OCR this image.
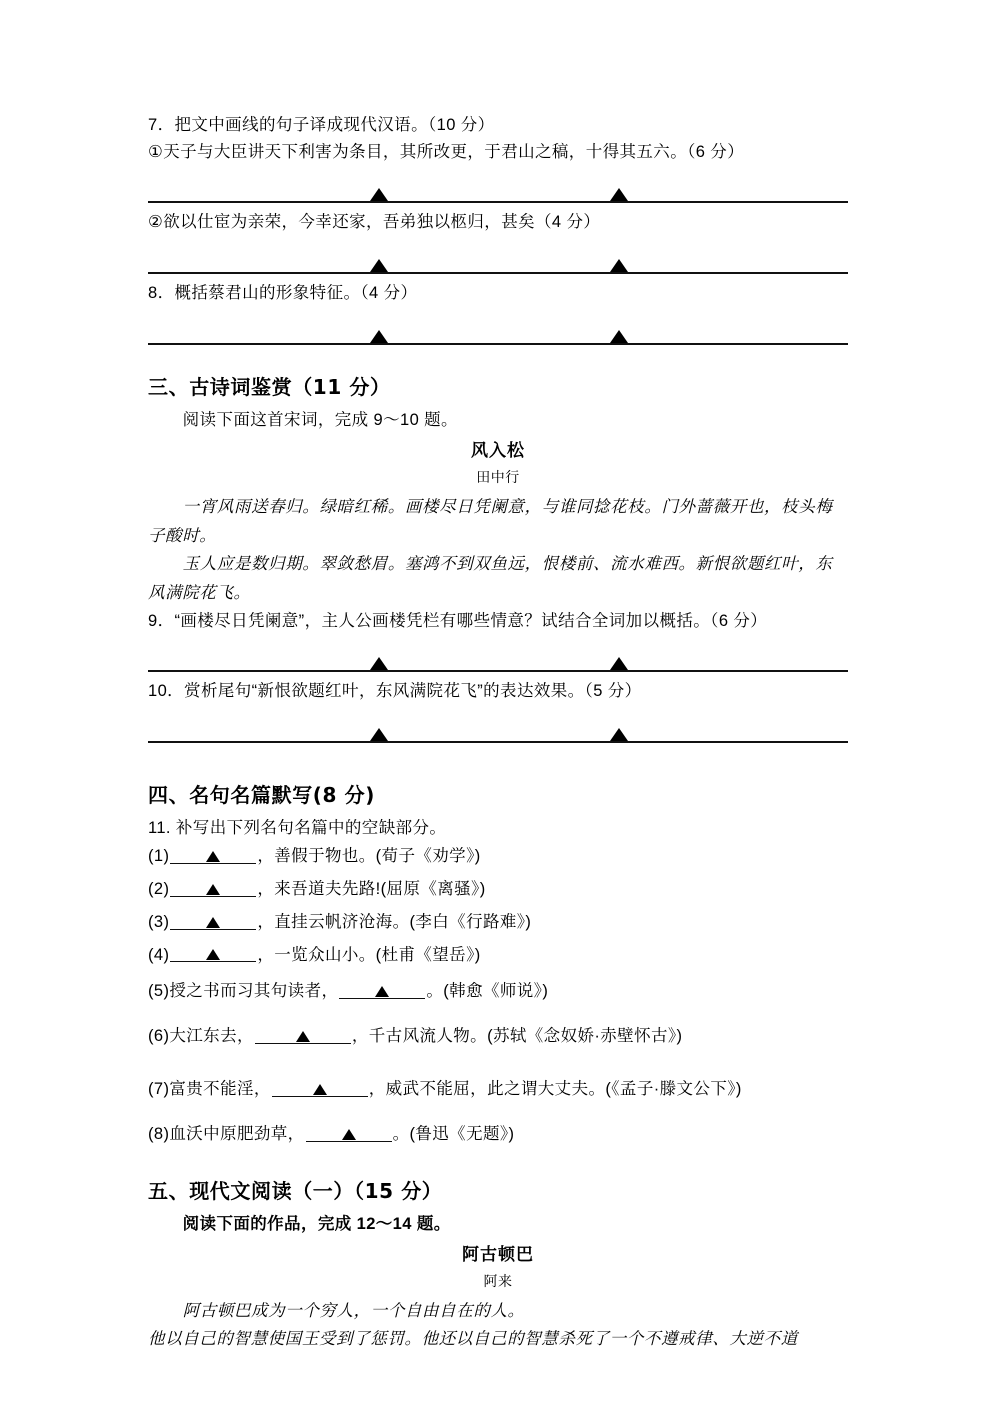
7．把文中画线的句子译成现代汉语。（10 分）
①天子与大臣讲天下利害为条目，其所改更，于君山之稿，十得其五六。（6 分）
②欲以仕宦为亲荣，今幸还家，吾弟独以柩归，甚矣（4 分）
8．概括蔡君山的形象特征。（4 分）
三、古诗词鉴赏（11 分）
阅读下面这首宋词，完成 9～10 题。
风入松
田中行
一宵风雨送春归。绿暗红稀。画楼尽日凭阑意，与谁同捻花枝。门外蔷薇开也，枝头梅子酸时。
玉人应是数归期。翠敛愁眉。塞鸿不到双鱼远，恨楼前、流水难西。新恨欲题红叶，东风满院花飞。
9．“画楼尽日凭阑意”，主人公画楼凭栏有哪些情意？试结合全词加以概括。（6 分）
10．赏析尾句“新恨欲题红叶，东风满院花飞”的表达效果。（5 分）
四、名句名篇默写(8 分)
11. 补写出下列名句名篇中的空缺部分。
(1)	，善假于物也。(荀子《劝学》)
(2)	，来吾道夫先路!(屈原《离骚》)
(3)	，直挂云帆济沧海。(李白《行路难》)
(4)	，一览众山小。(杜甫《望岳》)
(5)授之书而习其句读者，	。(韩愈《师说》)
(6)大江东去，	，千古风流人物。(苏轼《念奴娇·赤壁怀古》)
(7)富贵不能淫，	，威武不能屈，此之谓大丈夫。(《孟子·滕文公下》)
(8)血沃中原肥劲草，	。(鲁迅《无题》)
五、现代文阅读（一）（15 分）
阅读下面的作品，完成 12～14 题。
阿古顿巴
阿来
阿古顿巴成为一个穷人，一个自由自在的人。
他以自己的智慧使国王受到了惩罚。他还以自己的智慧杀死了一个不遵戒律、大逆不道
